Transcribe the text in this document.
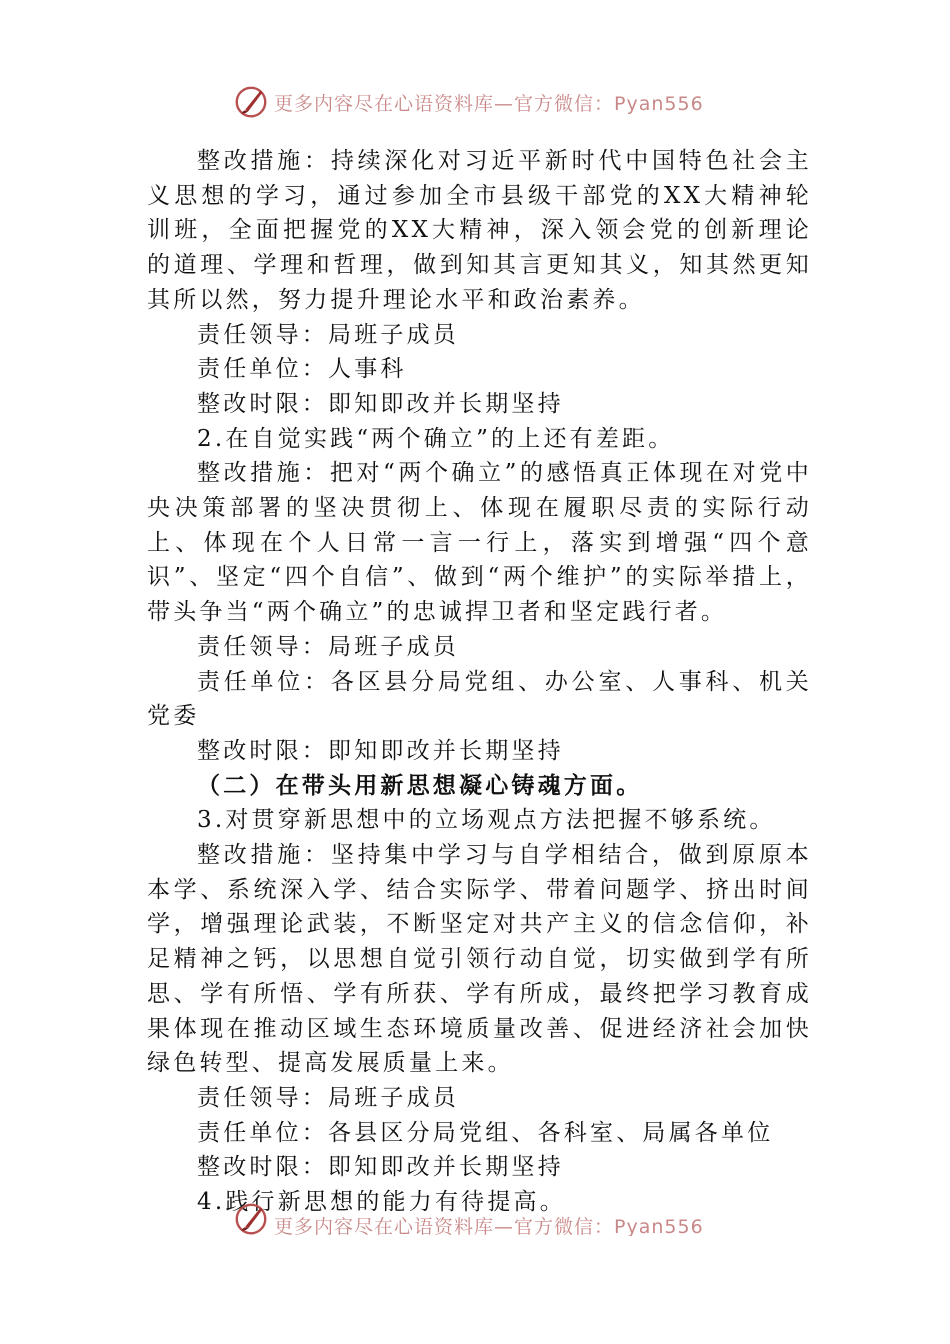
更多内容尽在心语资料库—官方微信：Pyan556

整改措施：持续深化对习近平新时代中国特色社会主义思想的学习，通过参加全市县级干部党的XX大精神轮训班，全面把握党的XX大精神，深入领会党的创新理论的道理、学理和哲理，做到知其言更知其义，知其然更知其所以然，努力提升理论水平和政治素养。

责任领导：局班子成员

责任单位：人事科

整改时限：即知即改并长期坚持

2.在自觉实践“两个确立”的上还有差距。

整改措施：把对“两个确立”的感悟真正体现在对党中央决策部署的坚决贯彻上、体现在履职尽责的实际行动上、体现在个人日常一言一行上，落实到增强“四个意识”、坚定“四个自信”、做到“两个维护”的实际举措上，带头争当“两个确立”的忠诚捍卫者和坚定践行者。

责任领导：局班子成员

责任单位：各区县分局党组、办公室、人事科、机关党委

整改时限：即知即改并长期坚持

（二）在带头用新思想凝心铸魂方面。

3.对贯穿新思想中的立场观点方法把握不够系统。

整改措施：坚持集中学习与自学相结合，做到原原本本学、系统深入学、结合实际学、带着问题学、挤出时间学，增强理论武装，不断坚定对共产主义的信念信仰，补足精神之钙，以思想自觉引领行动自觉，切实做到学有所思、学有所悟、学有所获、学有所成，最终把学习教育成果体现在推动区域生态环境质量改善、促进经济社会加快绿色转型、提高发展质量上来。

责任领导：局班子成员

责任单位：各县区分局党组、各科室、局属各单位

整改时限：即知即改并长期坚持

4.践行新思想的能力有待提高。

更多内容尽在心语资料库—官方微信：Pyan556
